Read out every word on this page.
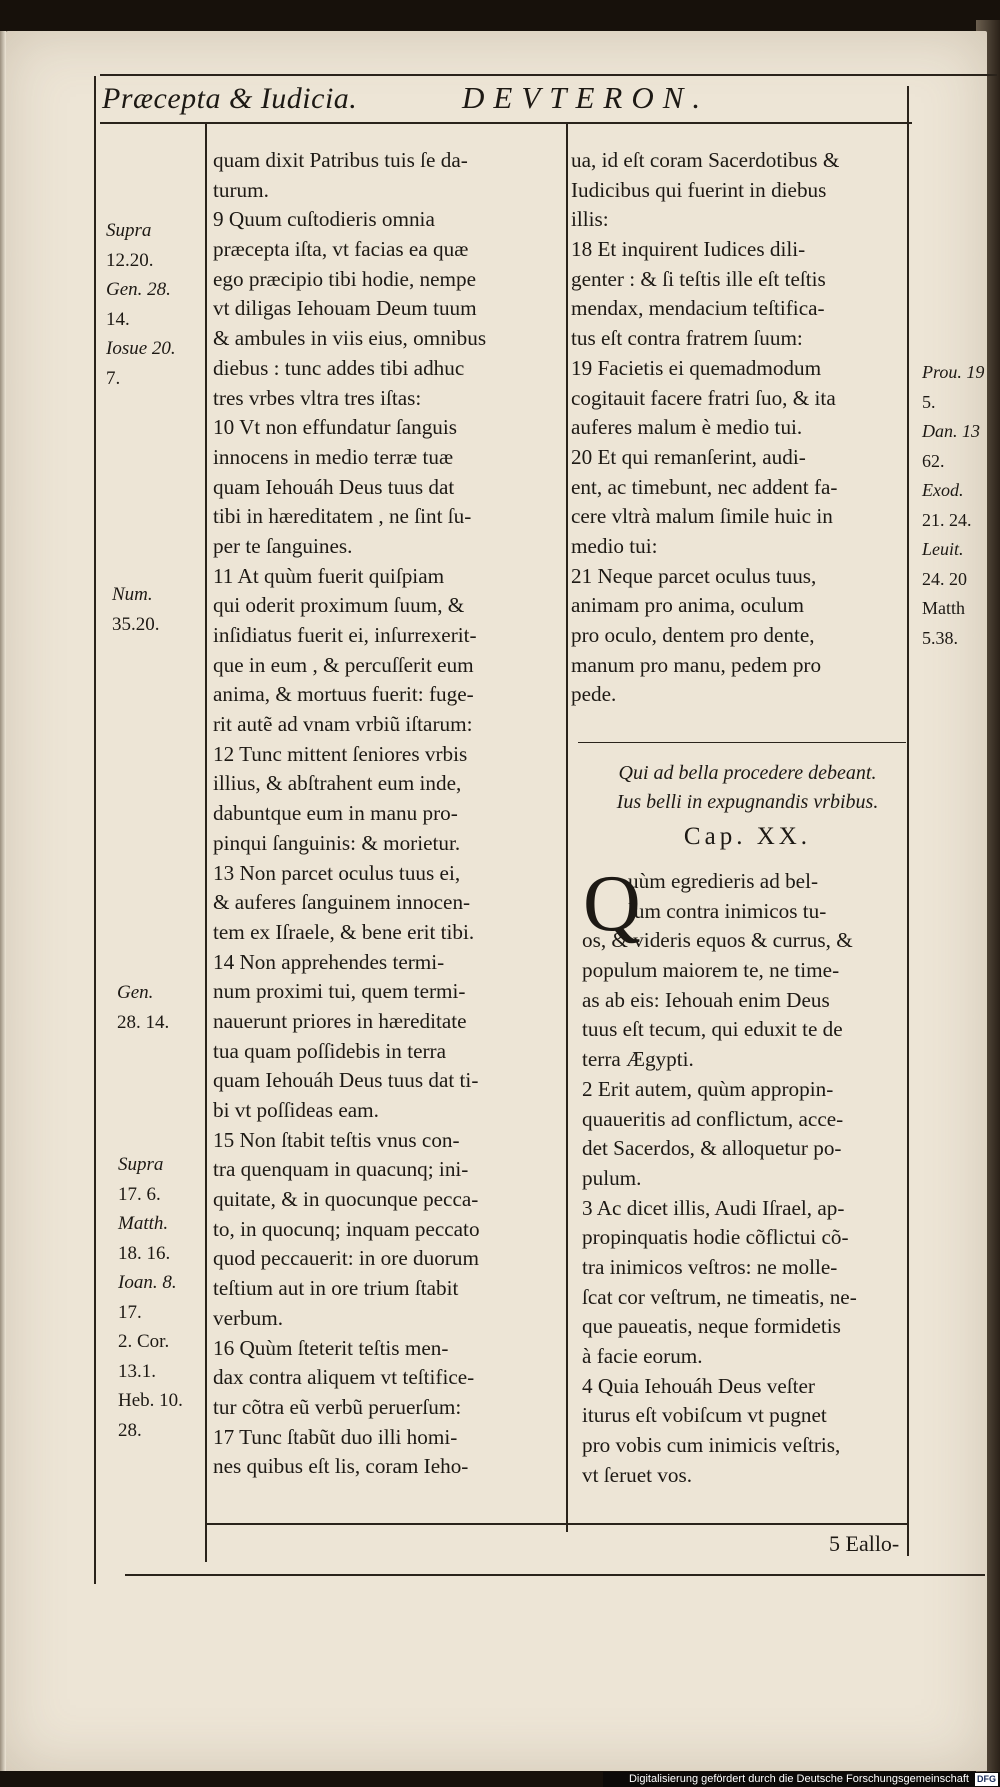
Præcepta & Iudicia.	DEVTERON.
Supra
12.20.
Gen. 28.
14.
Iosue 20.
7.
Num.
35.20.
Gen.
28. 14.
Supra
17. 6.
Matth.
18. 16.
Ioan. 8.
17.
2. Cor.
13.1.
Heb. 10.
28.
Prou. 19
5.
Dan. 13
62.
Exod.
21. 24.
Leuit.
24. 20
Matth
5.38.
quam dixit Patribus tuis ſe da-
turum.
9 Quum cuſtodieris omnia
præcepta iſta, vt facias ea quæ
ego præcipio tibi hodie, nempe
vt diligas Iehouam Deum tuum
& ambules in viis eius, omnibus
diebus : tunc addes tibi adhuc
tres vrbes vltra tres iſtas:
10 Vt non effundatur ſanguis
innocens in medio terræ tuæ
quam Iehouáh Deus tuus dat
tibi in hæreditatem , ne ſint ſu-
per te ſanguines.
11 At quùm fuerit quiſpiam
qui oderit proximum ſuum, &
inſidiatus fuerit ei, inſurrexerit-
que in eum , & percuſſerit eum
anima, & mortuus fuerit: fuge-
rit autẽ ad vnam vrbiũ iſtarum:
12 Tunc mittent ſeniores vrbis
illius, & abſtrahent eum inde,
dabuntque eum in manu pro-
pinqui ſanguinis: & morietur.
13 Non parcet oculus tuus ei,
& auferes ſanguinem innocen-
tem ex Iſraele, & bene erit tibi.
14 Non apprehendes termi-
num proximi tui, quem termi-
nauerunt priores in hæreditate
tua quam poſſidebis in terra
quam Iehouáh Deus tuus dat ti-
bi vt poſſideas eam.
15 Non ſtabit teſtis vnus con-
tra quenquam in quacunq; ini-
quitate, & in quocunque pecca-
to, in quocunq; inquam peccato
quod peccauerit: in ore duorum
teſtium aut in ore trium ſtabit
verbum.
16 Quùm ſteterit teſtis men-
dax contra aliquem vt teſtifice-
tur cõtra eũ verbũ peruerſum:
17 Tunc ſtabũt duo illi homi-
nes quibus eſt lis, coram Ieho-
ua, id eſt coram Sacerdotibus &
Iudicibus qui fuerint in diebus
illis:
18 Et inquirent Iudices dili-
genter : & ſi teſtis ille eſt teſtis
mendax, mendacium teſtifica-
tus eſt contra fratrem ſuum:
19 Facietis ei quemadmodum
cogitauit facere fratri ſuo, & ita
auferes malum è medio tui.
20 Et qui remanſerint, audi-
ent, ac timebunt, nec addent fa-
cere vltrà malum ſimile huic in
medio tui:
21 Neque parcet oculus tuus,
animam pro anima, oculum
pro oculo, dentem pro dente,
manum pro manu, pedem pro
pede.
Qui ad bella procedere debeant.
Ius belli in expugnandis vrbibus.
Cap. XX.
Q
uùm egredieris ad bel-
lum contra inimicos tu-
os, & videris equos & currus, &
populum maiorem te, ne time-
as ab eis: Iehouah enim Deus
tuus eſt tecum, qui eduxit te de
terra Ægypti.
2 Erit autem, quùm appropin-
quaueritis ad conflictum, acce-
det Sacerdos, & alloquetur po-
pulum.
3 Ac dicet illis, Audi Iſrael, ap-
propinquatis hodie cõflictui cõ-
tra inimicos veſtros: ne molle-
ſcat cor veſtrum, ne timeatis, ne-
que paueatis, neque formidetis
à facie eorum.
4 Quia Iehouáh Deus veſter
iturus eſt vobiſcum vt pugnet
pro vobis cum inimicis veſtris,
vt ſeruet vos.
5 Eallo-
Digitalisierung gefördert durch die Deutsche Forschungsgemeinschaft DFG
